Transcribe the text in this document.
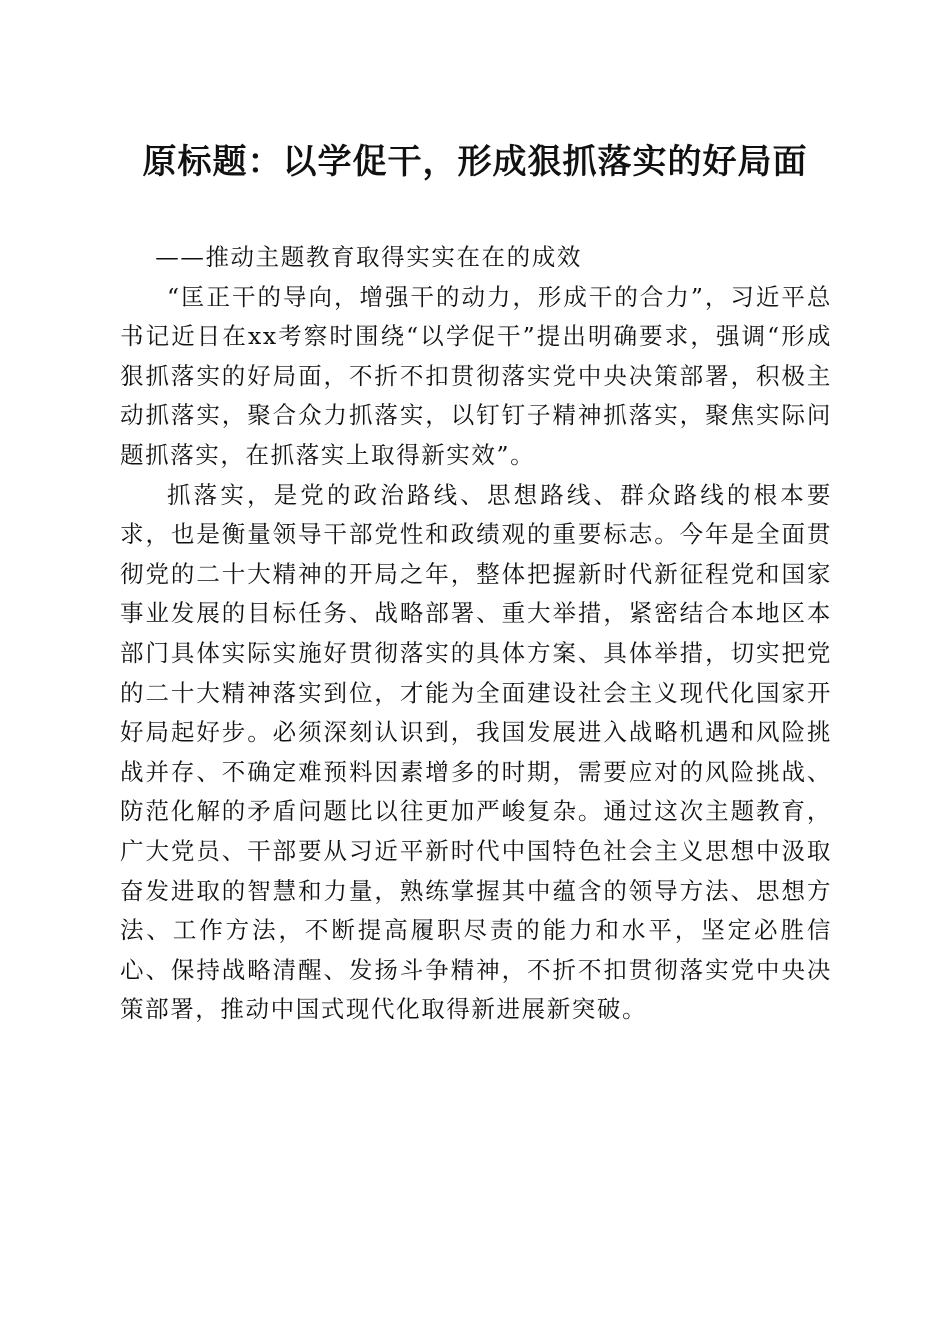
原标题：以学促干，形成狠抓落实的好局面

——推动主题教育取得实实在在的成效

“匡正干的导向，增强干的动力，形成干的合力”，习近平总书记近日在xx考察时围绕“以学促干”提出明确要求，强调“形成狠抓落实的好局面，不折不扣贯彻落实党中央决策部署，积极主动抓落实，聚合众力抓落实，以钉钉子精神抓落实，聚焦实际问题抓落实，在抓落实上取得新实效”。

抓落实，是党的政治路线、思想路线、群众路线的根本要求，也是衡量领导干部党性和政绩观的重要标志。今年是全面贯彻党的二十大精神的开局之年，整体把握新时代新征程党和国家事业发展的目标任务、战略部署、重大举措，紧密结合本地区本部门具体实际实施好贯彻落实的具体方案、具体举措，切实把党的二十大精神落实到位，才能为全面建设社会主义现代化国家开好局起好步。必须深刻认识到，我国发展进入战略机遇和风险挑战并存、不确定难预料因素增多的时期，需要应对的风险挑战、防范化解的矛盾问题比以往更加严峻复杂。通过这次主题教育，广大党员、干部要从习近平新时代中国特色社会主义思想中汲取奋发进取的智慧和力量，熟练掌握其中蕴含的领导方法、思想方法、工作方法，不断提高履职尽责的能力和水平，坚定必胜信心、保持战略清醒、发扬斗争精神，不折不扣贯彻落实党中央决策部署，推动中国式现代化取得新进展新突破。
